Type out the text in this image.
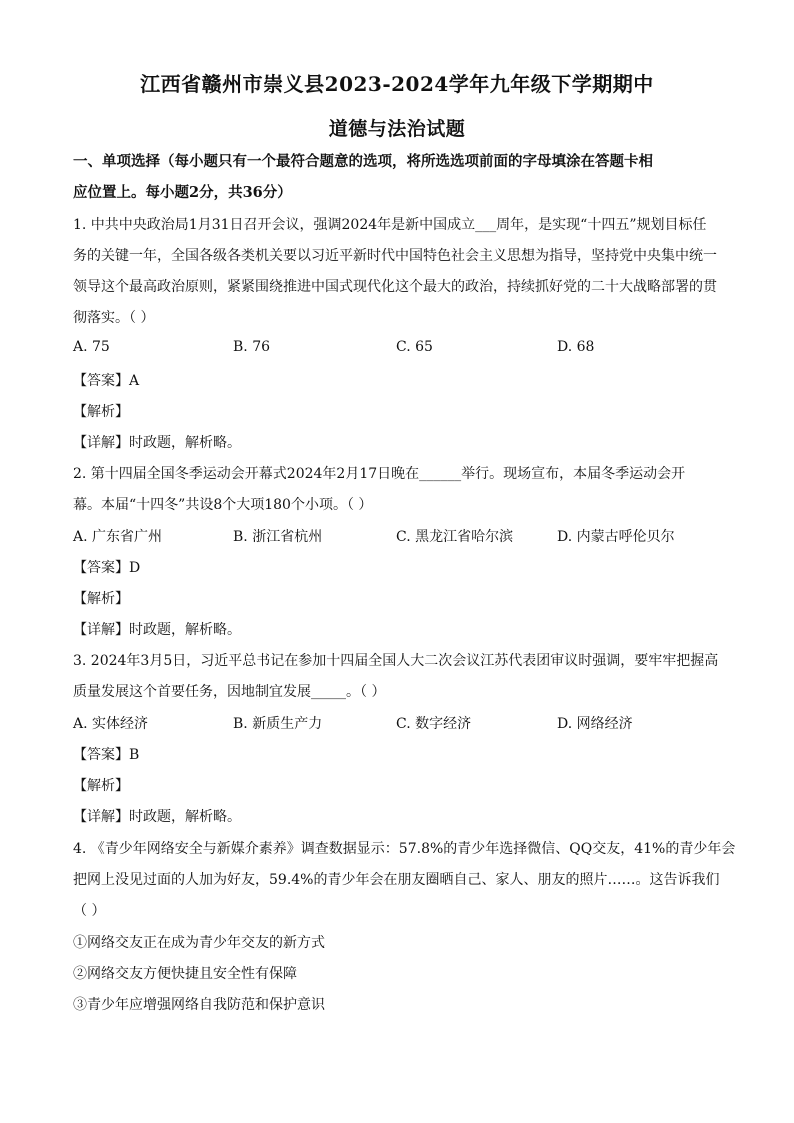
江西省赣州市崇义县2023-2024学年九年级下学期期中
道德与法治试题
一、单项选择（每小题只有一个最符合题意的选项，将所选选项前面的字母填涂在答题卡相
应位置上。每小题2分，共36分）
1. 中共中央政治局1月31日召开会议，强调2024年是新中国成立___周年，是实现“十四五”规划目标任
务的关键一年，全国各级各类机关要以习近平新时代中国特色社会主义思想为指导，坚持党中央集中统一
领导这个最高政治原则，紧紧围绕推进中国式现代化这个最大的政治，持续抓好党的二十大战略部署的贯
彻落实。（ ）
A. 75	B. 76	C. 65	D. 68
【答案】A
【解析】
【详解】时政题，解析略。
2. 第十四届全国冬季运动会开幕式2024年2月17日晚在______举行。现场宣布，本届冬季运动会开
幕。本届“十四冬”共设8个大项180个小项。（ ）
A. 广东省广州	B. 浙江省杭州	C. 黑龙江省哈尔滨	D. 内蒙古呼伦贝尔
【答案】D
【解析】
【详解】时政题，解析略。
3. 2024年3月5日，习近平总书记在参加十四届全国人大二次会议江苏代表团审议时强调，要牢牢把握高
质量发展这个首要任务，因地制宜发展_____。（ ）
A. 实体经济	B. 新质生产力	C. 数字经济	D. 网络经济
【答案】B
【解析】
【详解】时政题，解析略。
4. 《青少年网络安全与新媒介素养》调查数据显示：57.8%的青少年选择微信、QQ交友，41%的青少年会
把网上没见过面的人加为好友，59.4%的青少年会在朋友圈晒自己、家人、朋友的照片……。这告诉我们
（ ）
①网络交友正在成为青少年交友的新方式
②网络交友方便快捷且安全性有保障
③青少年应增强网络自我防范和保护意识
